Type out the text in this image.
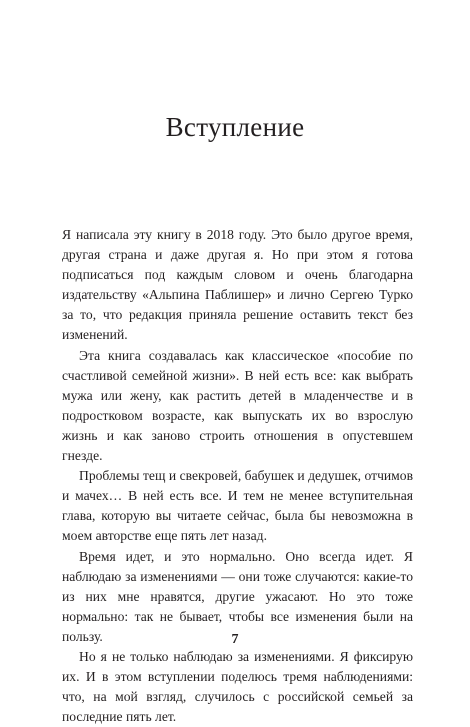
Вступление

Я написала эту книгу в 2018 году. Это было другое время, другая страна и даже другая я. Но при этом я готова подписаться под каждым словом и очень благодарна издательству «Альпина Паблишер» и лично Сергею Турко за то, что редакция приняла решение оставить текст без изменений.

Эта книга создавалась как классическое «пособие по счастливой семейной жизни». В ней есть все: как выбрать мужа или жену, как растить детей в младенчестве и в подростковом возрасте, как выпускать их во взрослую жизнь и как заново строить отношения в опустевшем гнезде.

Проблемы тещ и свекровей, бабушек и дедушек, отчимов и мачех… В ней есть все. И тем не менее вступительная глава, которую вы читаете сейчас, была бы невозможна в моем авторстве еще пять лет назад.

Время идет, и это нормально. Оно всегда идет. Я наблюдаю за изменениями — они тоже случаются: какие-то из них мне нравятся, другие ужасают. Но это тоже нормально: так не бывает, чтобы все изменения были на пользу.

Но я не только наблюдаю за изменениями. Я фиксирую их. И в этом вступлении поделюсь тремя наблюдениями: что, на мой взгляд, случилось с российской семьей за последние пять лет.

7
